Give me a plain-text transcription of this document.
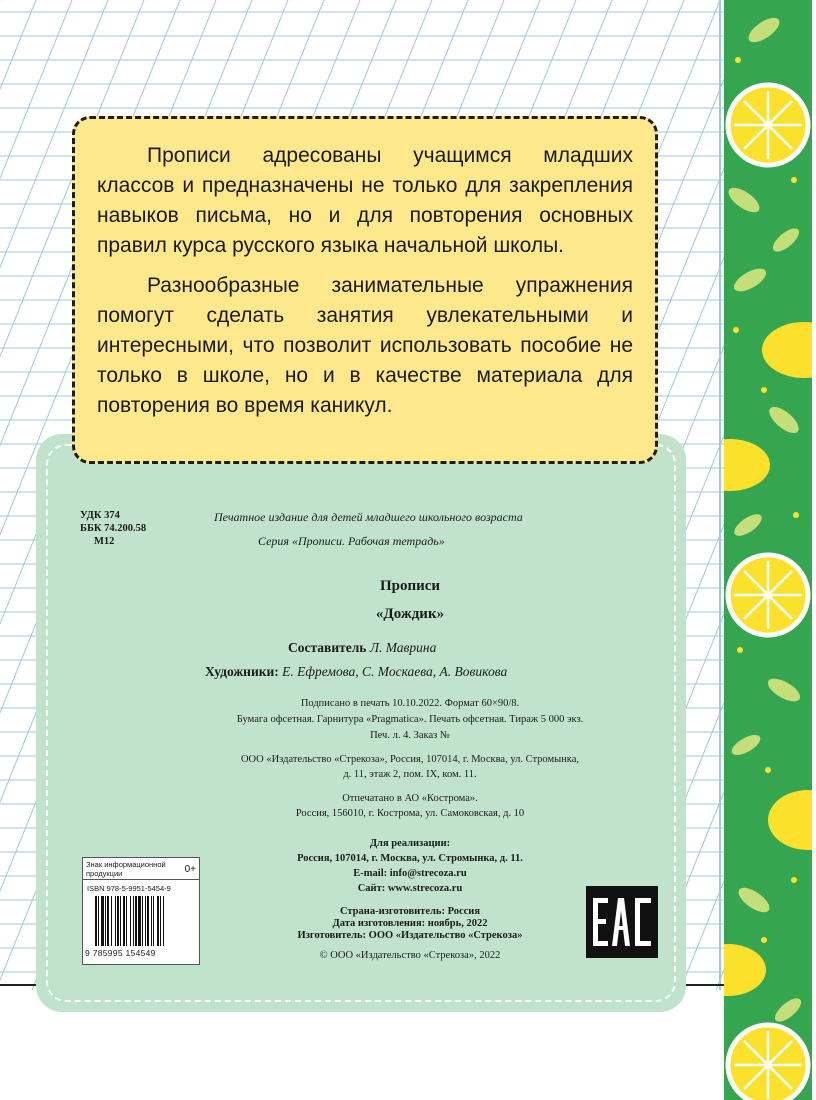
Прописи адресованы учащимся младших классов и предназначены не только для закрепления навыков письма, но и для повторения основных правил курса русского языка начальной школы.

Разнообразные занимательные упражнения помогут сделать занятия увлекательными и интересными, что позволит использовать пособие не только в школе, но и в качестве материала для повторения во время каникул.

УДК 374
ББК 74.200.58
М12
Печатное издание для детей младшего школьного возраста
Серия «Прописи. Рабочая тетрадь»
Прописи
«Дождик»
Составитель Л. Маврина
Художники: Е. Ефремова, С. Москаева, А. Вовикова
Подписано в печать 10.10.2022. Формат 60×90/8.
Бумага офсетная. Гарнитура «Pragmatica». Печать офсетная. Тираж 5 000 экз.
Печ. л. 4. Заказ №
ООО «Издательство «Стрекоза», Россия, 107014, г. Москва, ул. Стромынка,
д. 11, этаж 2, пом. IX, ком. 11.
Отпечатано в АО «Кострома».
Россия, 156010, г. Кострома, ул. Самоковская, д. 10
Для реализации:
Россия, 107014, г. Москва, ул. Стромынка, д. 11.
E-mail: info@strecoza.ru
Сайт: www.strecoza.ru
Страна-изготовитель: Россия
Дата изготовления: ноябрь, 2022
Изготовитель: ООО «Издательство «Стрекоза»
© ООО «Издательство «Стрекоза», 2022
Знак информационной
продукции	0+
ISBN 978-5-9951-5454-9
9 785995 154549
